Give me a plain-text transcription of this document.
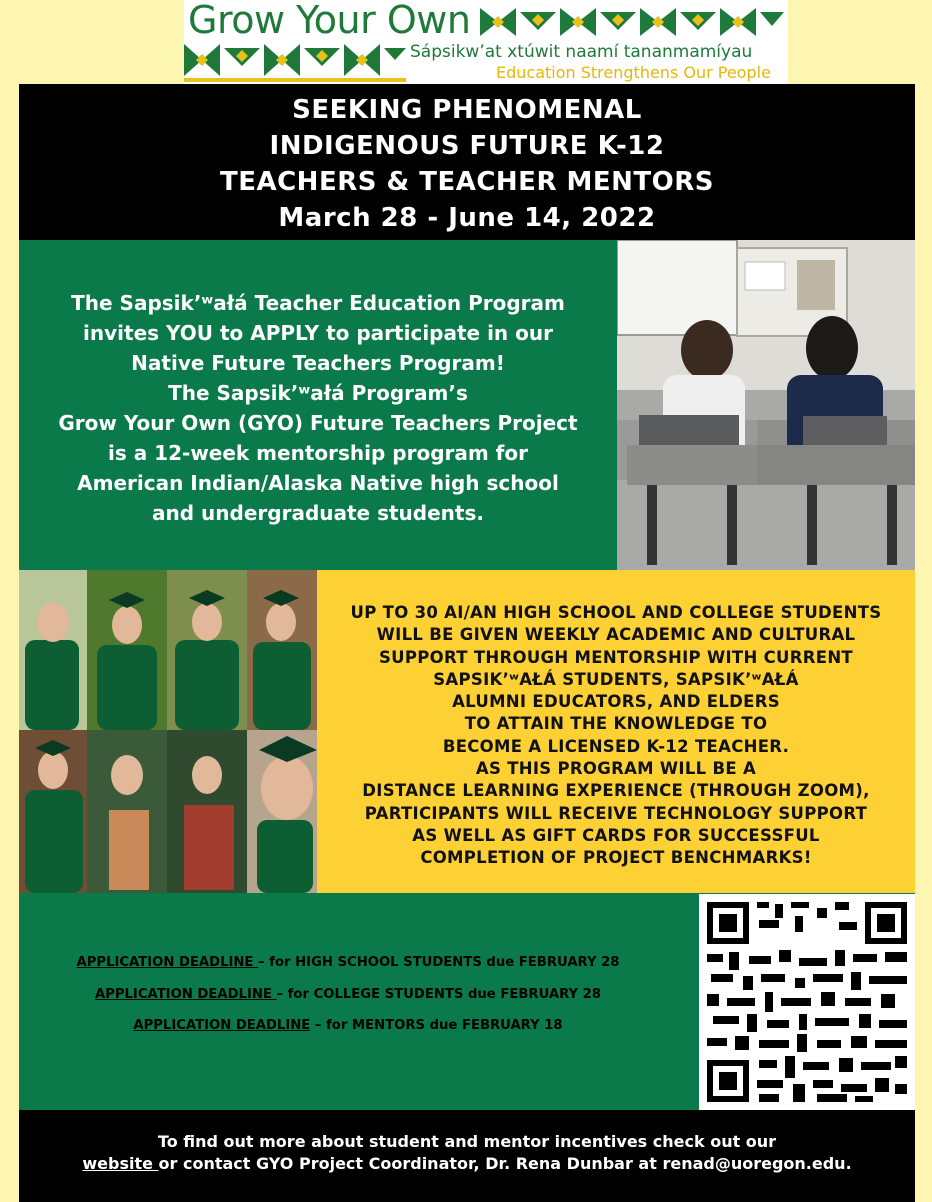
Grow Your Own
Sápsikw’at xtúwit naamí tananmamíyau
Education Strengthens Our People
SEEKING PHENOMENAL
INDIGENOUS FUTURE K-12
TEACHERS & TEACHER MENTORS
March 28 - June 14, 2022
The Sapsik’ʷałá Teacher Education Program
invites YOU to APPLY to participate in our
Native Future Teachers Program!
The Sapsik’ʷałá Program’s
Grow Your Own (GYO) Future Teachers Project
is a 12-week mentorship program for
American Indian/Alaska Native high school
and undergraduate students.
UP TO 30 AI/AN HIGH SCHOOL AND COLLEGE STUDENTS
WILL BE GIVEN WEEKLY ACADEMIC AND CULTURAL
SUPPORT THROUGH MENTORSHIP WITH CURRENT
SAPSIK’ʷAŁÁ STUDENTS, SAPSIK’ʷAŁÁ
ALUMNI EDUCATORS, AND ELDERS
TO ATTAIN THE KNOWLEDGE TO
BECOME A LICENSED K-12 TEACHER.
AS THIS PROGRAM WILL BE A
DISTANCE LEARNING EXPERIENCE (THROUGH ZOOM),
PARTICIPANTS WILL RECEIVE TECHNOLOGY SUPPORT
AS WELL AS GIFT CARDS FOR SUCCESSFUL
COMPLETION OF PROJECT BENCHMARKS!
APPLICATION DEADLINE – for HIGH SCHOOL STUDENTS due FEBRUARY 28
APPLICATION DEADLINE – for COLLEGE STUDENTS due FEBRUARY 28
APPLICATION DEADLINE – for MENTORS due FEBRUARY 18
To find out more about student and mentor incentives check out our
website or contact GYO Project Coordinator, Dr. Rena Dunbar at renad@uoregon.edu.
